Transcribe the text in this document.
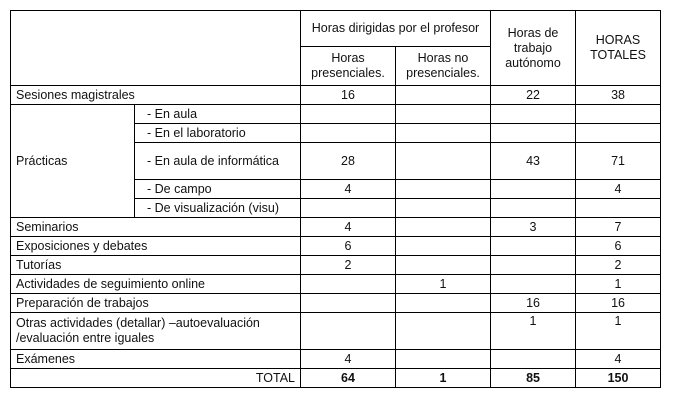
		Horas dirigidas por el profesor		Horas de trabajo autónomo	HORAS TOTALES
		Horas presenciales.	Horas no presenciales.		
Sesiones magistrales		16		22	38
Prácticas	- En aula				
	- En el laboratorio				
	- En aula de informática	28		43	71
	- De campo	4			4
	- De visualización (visu)				
Seminarios		4		3	7
Exposiciones y debates		6			6
Tutorías		2			2
Actividades de seguimiento online			1		1
Preparación de trabajos				16	16
Otras actividades (detallar) –autoevaluación /evaluación entre iguales				1	1
Exámenes		4			4
TOTAL		64	1	85	150
